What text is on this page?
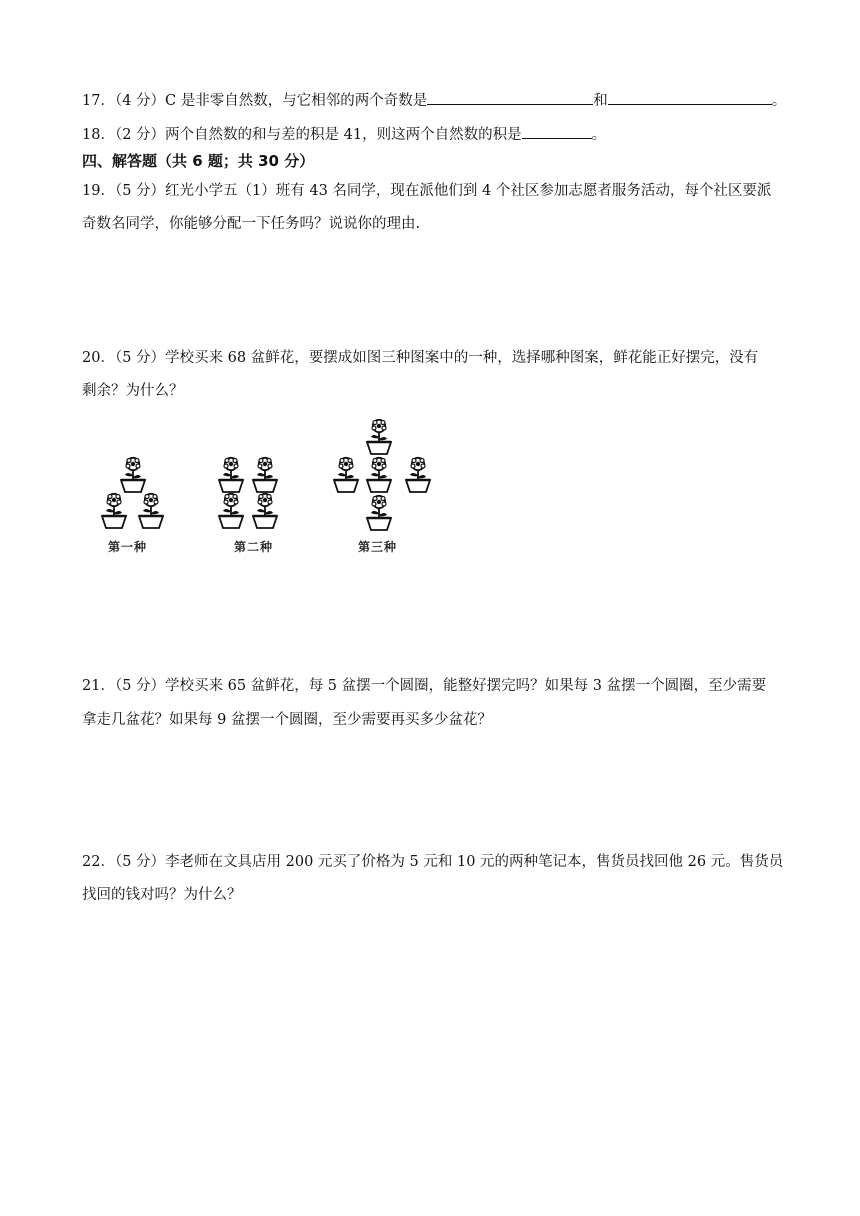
17．（4 分）C 是非零自然数，与它相邻的两个奇数是	和	。
18．（2 分）两个自然数的和与差的积是 41，则这两个自然数的积是	。
四、解答题（共 6 题；共 30 分）
19．（5 分）红光小学五（1）班有 43 名同学，现在派他们到 4 个社区参加志愿者服务活动，每个社区要派
奇数名同学，你能够分配一下任务吗？说说你的理由.
20．（5 分）学校买来 68 盆鲜花，要摆成如图三种图案中的一种，选择哪种图案，鲜花能正好摆完，没有
剩余？为什么？
第一种	第二种	第三种
21．（5 分）学校买来 65 盆鲜花，每 5 盆摆一个圆圈，能整好摆完吗？如果每 3 盆摆一个圆圈，至少需要
拿走几盆花？如果每 9 盆摆一个圆圈，至少需要再买多少盆花？
22．（5 分）李老师在文具店用 200 元买了价格为 5 元和 10 元的两种笔记本，售货员找回他 26 元。售货员
找回的钱对吗？为什么？
